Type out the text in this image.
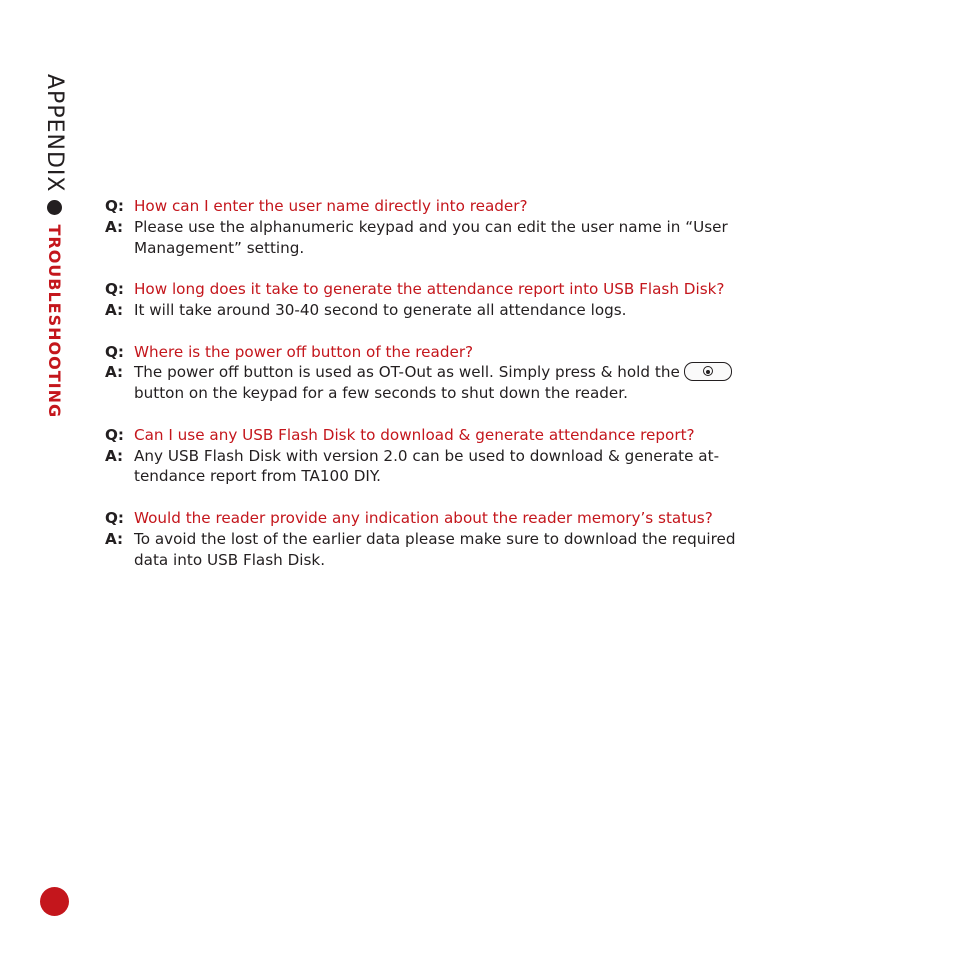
APPENDIX
TROUBLESHOOTING
Q: How can I enter the user name directly into reader?
A: Please use the alphanumeric keypad and you can edit the user name in “User
Management” setting.
Q: How long does it take to generate the attendance report into USB Flash Disk?
A: It will take around 30-40 second to generate all attendance logs.
Q: Where is the power off button of the reader?
A: The power off button is used as OT-Out as well. Simply press & hold the
button on the keypad for a few seconds to shut down the reader.
Q: Can I use any USB Flash Disk to download & generate attendance report?
A: Any USB Flash Disk with version 2.0 can be used to download & generate at-
tendance report from TA100 DIY.
Q: Would the reader provide any indication about the reader memory’s status?
A: To avoid the lost of the earlier data please make sure to download the required
data into USB Flash Disk.
